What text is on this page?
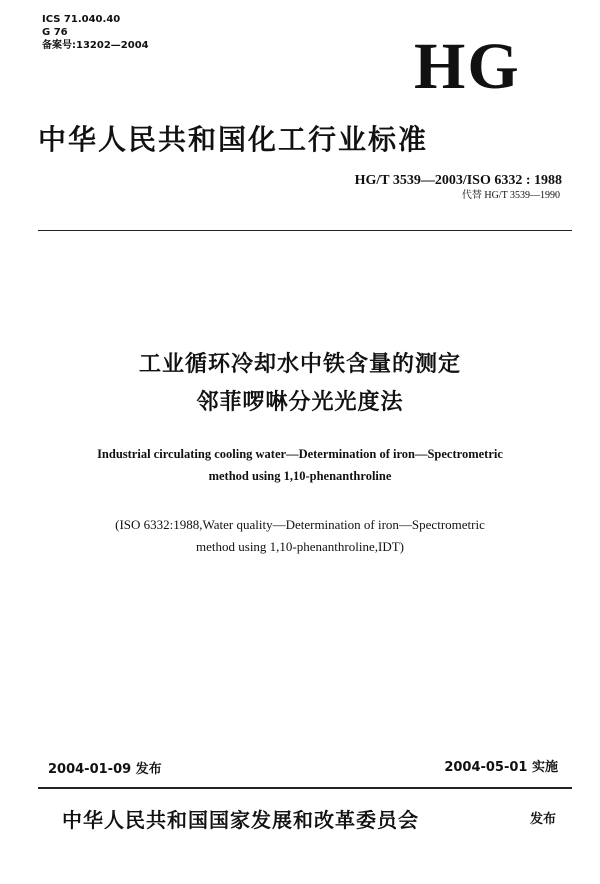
ICS 71.040.40
G 76
备案号:13202—2004	HG
中华人民共和国化工行业标准
HG/T 3539—2003/ISO 6332 : 1988
代替 HG/T 3539—1990
工业循环冷却水中铁含量的测定
邻菲啰啉分光光度法
Industrial circulating cooling water—Determination of iron—Spectrometric
method using 1,10-phenanthroline
(ISO 6332:1988,Water quality—Determination of iron—Spectrometric
method using 1,10-phenanthroline,IDT)
2004-01-09 发布	2004-05-01 实施
中华人民共和国国家发展和改革委员会	发布
